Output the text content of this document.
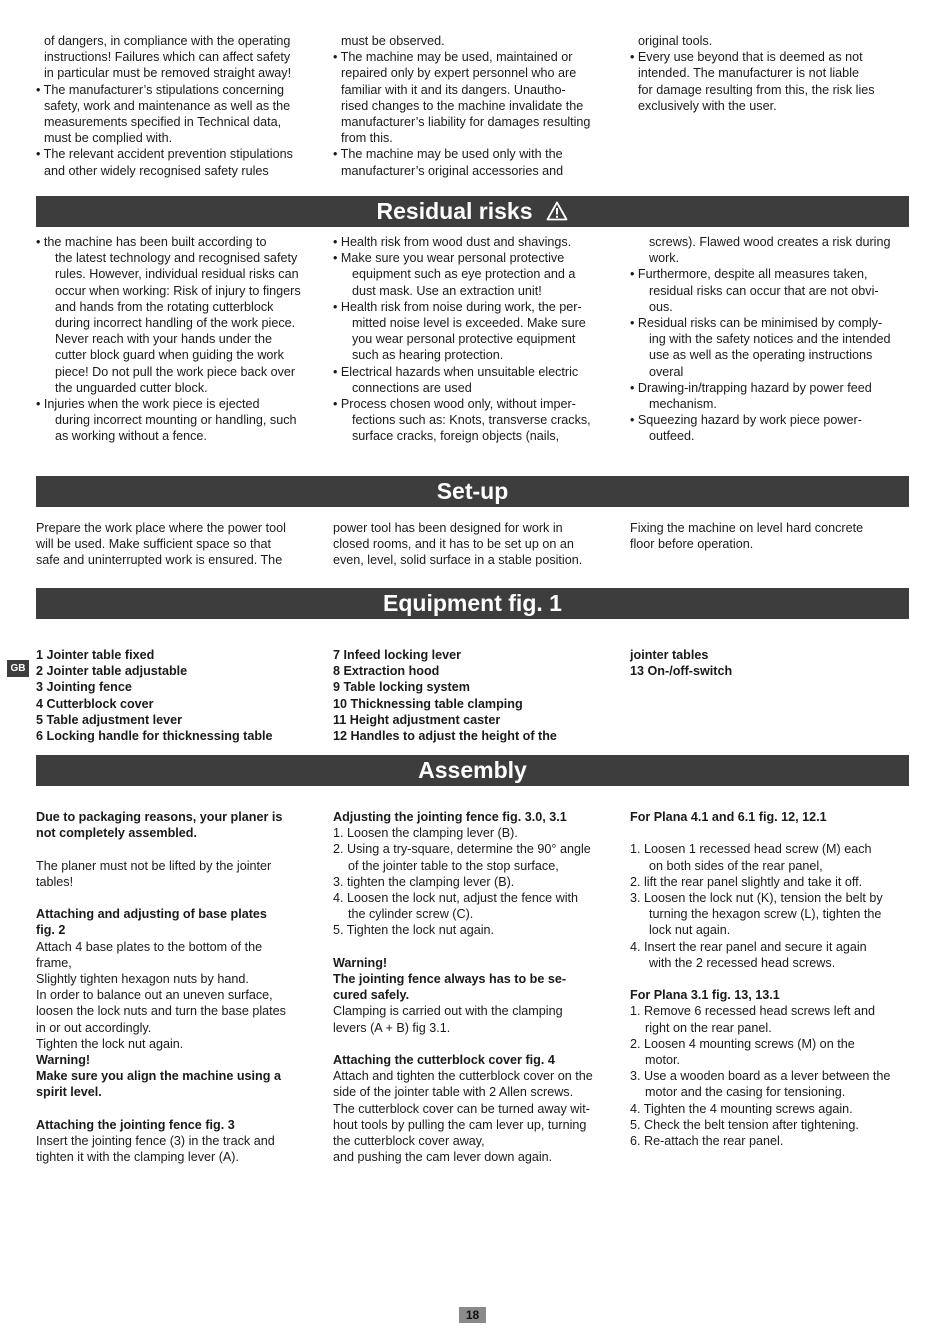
of dangers, in compliance with the operating
instructions! Failures which can affect safety
in particular must be removed straight away!
• The manufacturer’s stipulations concerning
safety, work and maintenance as well as the
measurements specified in Technical data,
must be complied with.
• The relevant accident prevention stipulations
and other widely recognised safety rules
must be observed.
• The machine may be used, maintained or
repaired only by expert personnel who are
familiar with it and its dangers. Unautho-
rised changes to the machine invalidate the
manufacturer’s liability for damages resulting
from this.
• The machine may be used only with the
manufacturer’s original accessories and
original tools.
• Every use beyond that is deemed as not
intended. The manufacturer is not liable
for damage resulting from this, the risk lies
exclusively with the user.
Residual risks
• the machine has been built according to
the latest technology and recognised safety
rules. However, individual residual risks can
occur when working: Risk of injury to fingers
and hands from the rotating cutterblock
during incorrect handling of the work piece.
Never reach with your hands under the
cutter block guard when guiding the work
piece! Do not pull the work piece back over
the unguarded cutter block.
• Injuries when the work piece is ejected
during incorrect mounting or handling, such
as working without a fence.
• Health risk from wood dust and shavings.
• Make sure you wear personal protective
equipment such as eye protection and a
dust mask. Use an extraction unit!
• Health risk from noise during work, the per-
mitted noise level is exceeded. Make sure
you wear personal protective equipment
such as hearing protection.
• Electrical hazards when unsuitable electric
connections are used
• Process chosen wood only, without imper-
fections such as: Knots, transverse cracks,
surface cracks, foreign objects (nails,
screws). Flawed wood creates a risk during
work.
• Furthermore, despite all measures taken,
residual risks can occur that are not obvi-
ous.
• Residual risks can be minimised by comply-
ing with the safety notices and the intended
use as well as the operating instructions
overal
• Drawing-in/trapping hazard by power feed
mechanism.
• Squeezing hazard by work piece power-
outfeed.
Set-up
Prepare the work place where the power tool
will be used. Make sufficient space so that
safe and uninterrupted work is ensured. The
power tool has been designed for work in
closed rooms, and it has to be set up on an
even, level, solid surface in a stable position.
Fixing the machine on level hard concrete
floor before operation.
Equipment fig. 1
GB
1 Jointer table fixed
2 Jointer table adjustable
3 Jointing fence
4 Cutterblock cover
5 Table adjustment lever
6 Locking handle for thicknessing table
7 Infeed locking lever
8 Extraction hood
9 Table locking system
10 Thicknessing table clamping
11 Height adjustment caster
12 Handles to adjust the height of the
jointer tables
13 On-/off-switch
Assembly
Due to packaging reasons, your planer is
not completely assembled.
The planer must not be lifted by the jointer
tables!
Attaching and adjusting of base plates
fig. 2
Attach 4 base plates to the bottom of the
frame,
Slightly tighten hexagon nuts by hand.
In order to balance out an uneven surface,
loosen the lock nuts and turn the base plates
in or out accordingly.
Tighten the lock nut again.
Warning!
Make sure you align the machine using a
spirit level.
Attaching the jointing fence fig. 3
Insert the jointing fence (3) in the track and
tighten it with the clamping lever (A).
Adjusting the jointing fence fig. 3.0, 3.1
1. Loosen the clamping lever (B).
2. Using a try-square, determine the 90° angle
of the jointer table to the stop surface,
3. tighten the clamping lever (B).
4. Loosen the lock nut, adjust the fence with
the cylinder screw (C).
5. Tighten the lock nut again.
Warning!
The jointing fence always has to be se-
cured safely.
Clamping is carried out with the clamping
levers (A + B) fig 3.1.
Attaching the cutterblock cover fig. 4
Attach and tighten the cutterblock cover on the
side of the jointer table with 2 Allen screws.
The cutterblock cover can be turned away wit-
hout tools by pulling the cam lever up, turning
the cutterblock cover away,
and pushing the cam lever down again.
For Plana 4.1 and 6.1 fig. 12, 12.1
1. Loosen 1 recessed head screw (M) each
on both sides of the rear panel,
2. lift the rear panel slightly and take it off.
3. Loosen the lock nut (K), tension the belt by
turning the hexagon screw (L), tighten the
lock nut again.
4. Insert the rear panel and secure it again
with the 2 recessed head screws.
For Plana 3.1 fig. 13, 13.1
1. Remove 6 recessed head screws left and
right on the rear panel.
2. Loosen 4 mounting screws (M) on the
motor.
3. Use a wooden board as a lever between the
motor and the casing for tensioning.
4. Tighten the 4 mounting screws again.
5. Check the belt tension after tightening.
6. Re-attach the rear panel.
18
